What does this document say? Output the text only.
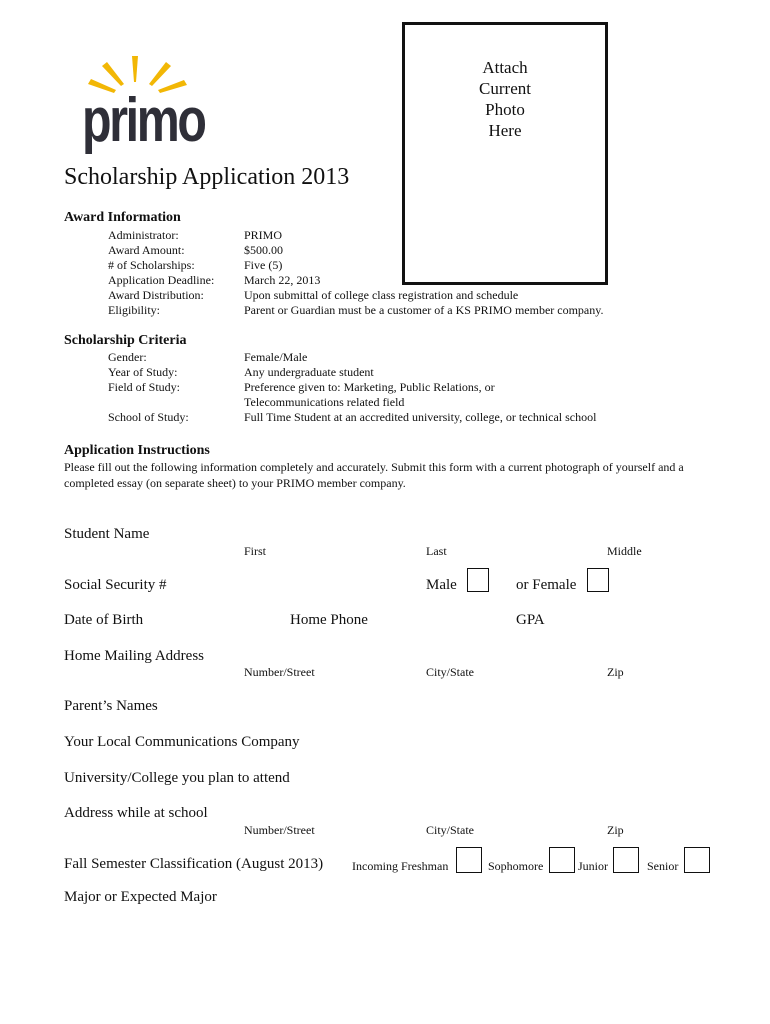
primo
Attach
Current
Photo
Here
Scholarship Application 2013
Award Information
Administrator:	PRIMO
Award Amount:	$500.00
# of Scholarships:	Five (5)
Application Deadline: March 22, 2013
Award Distribution:	Upon submittal of college class registration and schedule
Eligibility:	Parent or Guardian must be a customer of a KS PRIMO member company.
Scholarship Criteria
Gender:	Female/Male
Year of Study:	Any undergraduate student
Field of Study:	Preference given to: Marketing, Public Relations, or
Telecommunications related field
School of Study:	Full Time Student at an accredited university, college, or technical school
Application Instructions
Please fill out the following information completely and accurately. Submit this form with a current photograph of yourself and a completed essay (on separate sheet) to your PRIMO member company.
Student Name
First	Last	Middle
Social Security #	Male	or Female
Date of Birth	Home Phone	GPA
Home Mailing Address
Number/Street	City/State	Zip
Parent’s Names
Your Local Communications Company
University/College you plan to attend
Address while at school
Number/Street	City/State	Zip
Fall Semester Classification (August 2013) Incoming Freshman	Sophomore	Junior	Senior
Major or Expected Major
